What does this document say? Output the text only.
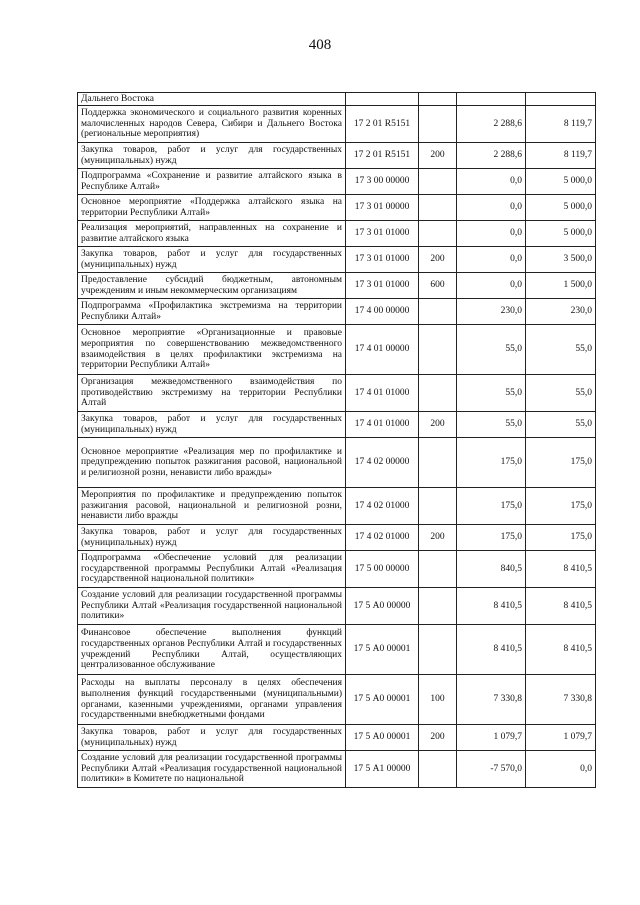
408
Дальнего Востока				
Поддержка экономического и социального развития коренных малочисленных народов Севера, Сибири и Дальнего Востока (региональные мероприятия)	17 2 01 R5151		2 288,6	8 119,7
Закупка товаров, работ и услуг для государственных (муниципальных) нужд	17 2 01 R5151	200	2 288,6	8 119,7
Подпрограмма «Сохранение и развитие алтайского языка в Республике Алтай»	17 3 00 00000		0,0	5 000,0
Основное мероприятие «Поддержка алтайского языка на территории Республики Алтай»	17 3 01 00000		0,0	5 000,0
Реализация мероприятий, направленных на сохранение и развитие алтайского языка	17 3 01 01000		0,0	5 000,0
Закупка товаров, работ и услуг для государственных (муниципальных) нужд	17 3 01 01000	200	0,0	3 500,0
Предоставление субсидий бюджетным, автономным учреждениям и иным некоммерческим организациям	17 3 01 01000	600	0,0	1 500,0
Подпрограмма «Профилактика экстремизма на территории Республики Алтай»	17 4 00 00000		230,0	230,0
Основное мероприятие «Организационные и правовые мероприятия по совершенствованию межведомственного взаимодействия в целях профилактики экстремизма на территории Республики Алтай»	17 4 01 00000		55,0	55,0
Организация межведомственного взаимодействия по противодействию экстремизму на территории Республики Алтай	17 4 01 01000		55,0	55,0
Закупка товаров, работ и услуг для государственных (муниципальных) нужд	17 4 01 01000	200	55,0	55,0
Основное мероприятие «Реализация мер по профилактике и предупреждению попыток разжигания расовой, национальной и религиозной розни, ненависти либо вражды»	17 4 02 00000		175,0	175,0
Мероприятия по профилактике и предупреждению попыток разжигания расовой, национальной и религиозной розни, ненависти либо вражды	17 4 02 01000		175,0	175,0
Закупка товаров, работ и услуг для государственных (муниципальных) нужд	17 4 02 01000	200	175,0	175,0
Подпрограмма «Обеспечение условий для реализации государственной программы Республики Алтай «Реализация государственной национальной политики»	17 5 00 00000		840,5	8 410,5
Создание условий для реализации государственной программы Республики Алтай «Реализация государственной национальной политики»	17 5 А0 00000		8 410,5	8 410,5
Финансовое обеспечение выполнения функций государственных органов Республики Алтай и государственных учреждений Республики Алтай, осуществляющих централизованное обслуживание	17 5 А0 00001		8 410,5	8 410,5
Расходы на выплаты персоналу в целях обеспечения выполнения функций государственными (муниципальными) органами, казенными учреждениями, органами управления государственными внебюджетными фондами	17 5 А0 00001	100	7 330,8	7 330,8
Закупка товаров, работ и услуг для государственных (муниципальных) нужд	17 5 А0 00001	200	1 079,7	1 079,7
Создание условий для реализации государственной программы Республики Алтай «Реализация государственной национальной политики» в Комитете по национальной	17 5 А1 00000		-7 570,0	0,0
